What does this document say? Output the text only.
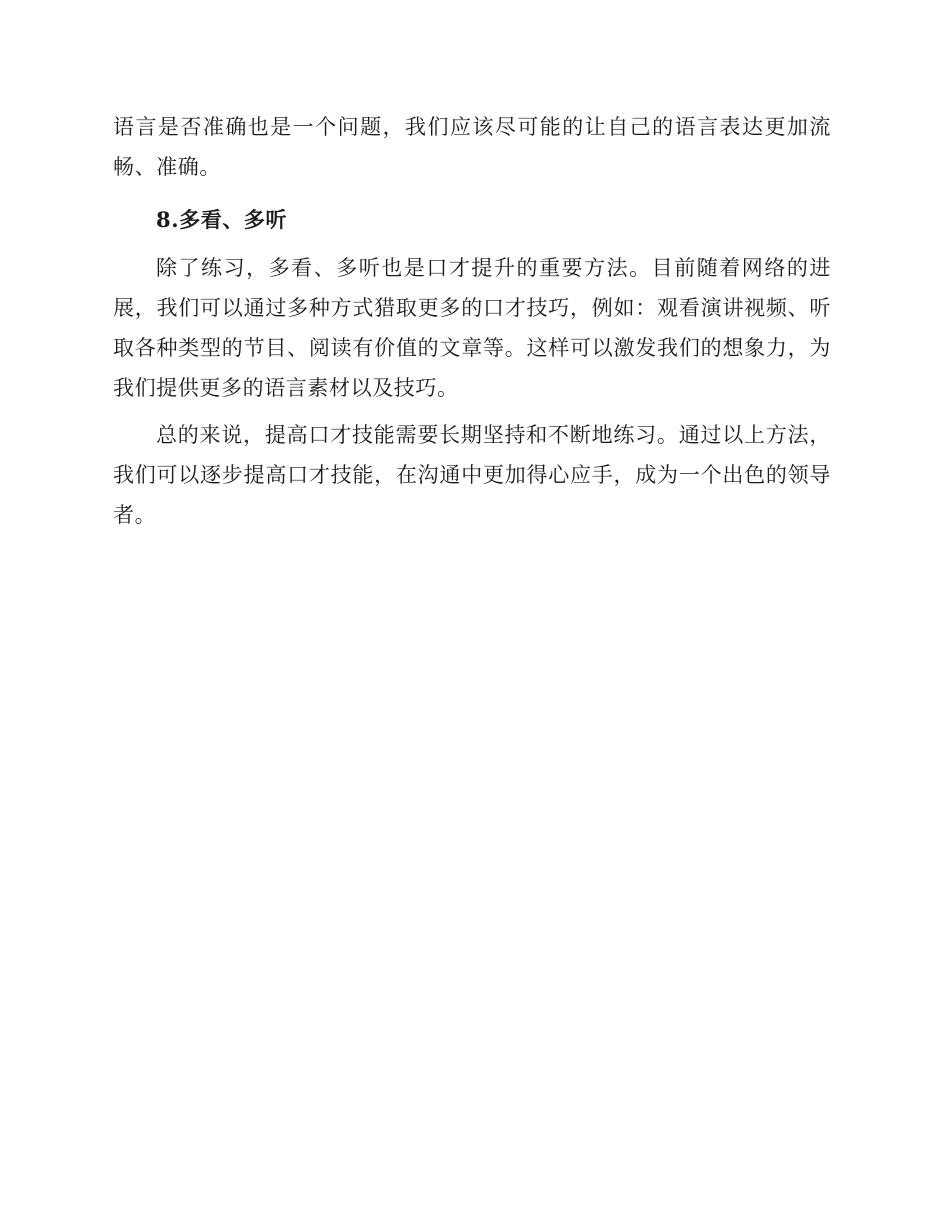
语言是否准确也是一个问题，我们应该尽可能的让自己的语言表达更加流畅、准确。

8.多看、多听

除了练习，多看、多听也是口才提升的重要方法。目前随着网络的进展，我们可以通过多种方式猎取更多的口才技巧，例如：观看演讲视频、听取各种类型的节目、阅读有价值的文章等。这样可以激发我们的想象力，为我们提供更多的语言素材以及技巧。

总的来说，提高口才技能需要长期坚持和不断地练习。通过以上方法，我们可以逐步提高口才技能，在沟通中更加得心应手，成为一个出色的领导者。
